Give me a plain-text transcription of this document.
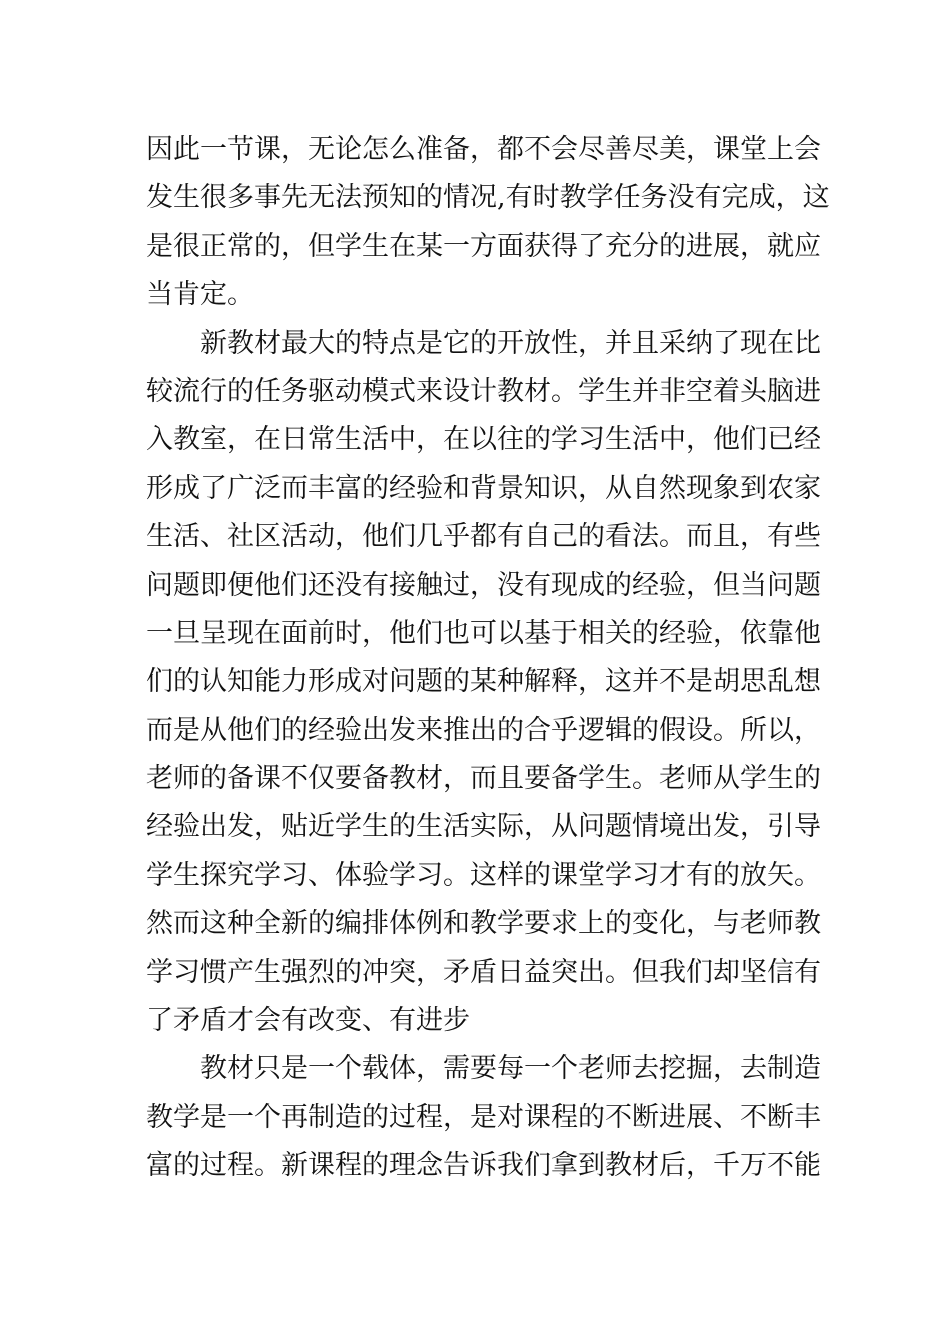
因此一节课，无论怎么准备，都不会尽善尽美，课堂上会
发生很多事先无法预知的情况,有时教学任务没有完成，这
是很正常的，但学生在某一方面获得了充分的进展，就应
当肯定。
新教材最大的特点是它的开放性，并且采纳了现在比
较流行的任务驱动模式来设计教材。学生并非空着头脑进
入教室，在日常生活中，在以往的学习生活中，他们已经
形成了广泛而丰富的经验和背景知识，从自然现象到农家
生活、社区活动，他们几乎都有自己的看法。而且，有些
问题即便他们还没有接触过，没有现成的经验，但当问题
一旦呈现在面前时，他们也可以基于相关的经验，依靠他
们的认知能力形成对问题的某种解释，这并不是胡思乱想
而是从他们的经验出发来推出的合乎逻辑的假设。所以，
老师的备课不仅要备教材，而且要备学生。老师从学生的
经验出发，贴近学生的生活实际，从问题情境出发，引导
学生探究学习、体验学习。这样的课堂学习才有的放矢。
然而这种全新的编排体例和教学要求上的变化，与老师教
学习惯产生强烈的冲突，矛盾日益突出。但我们却坚信有
了矛盾才会有改变、有进步
教材只是一个载体，需要每一个老师去挖掘，去制造
教学是一个再制造的过程，是对课程的不断进展、不断丰
富的过程。新课程的理念告诉我们拿到教材后，千万不能
